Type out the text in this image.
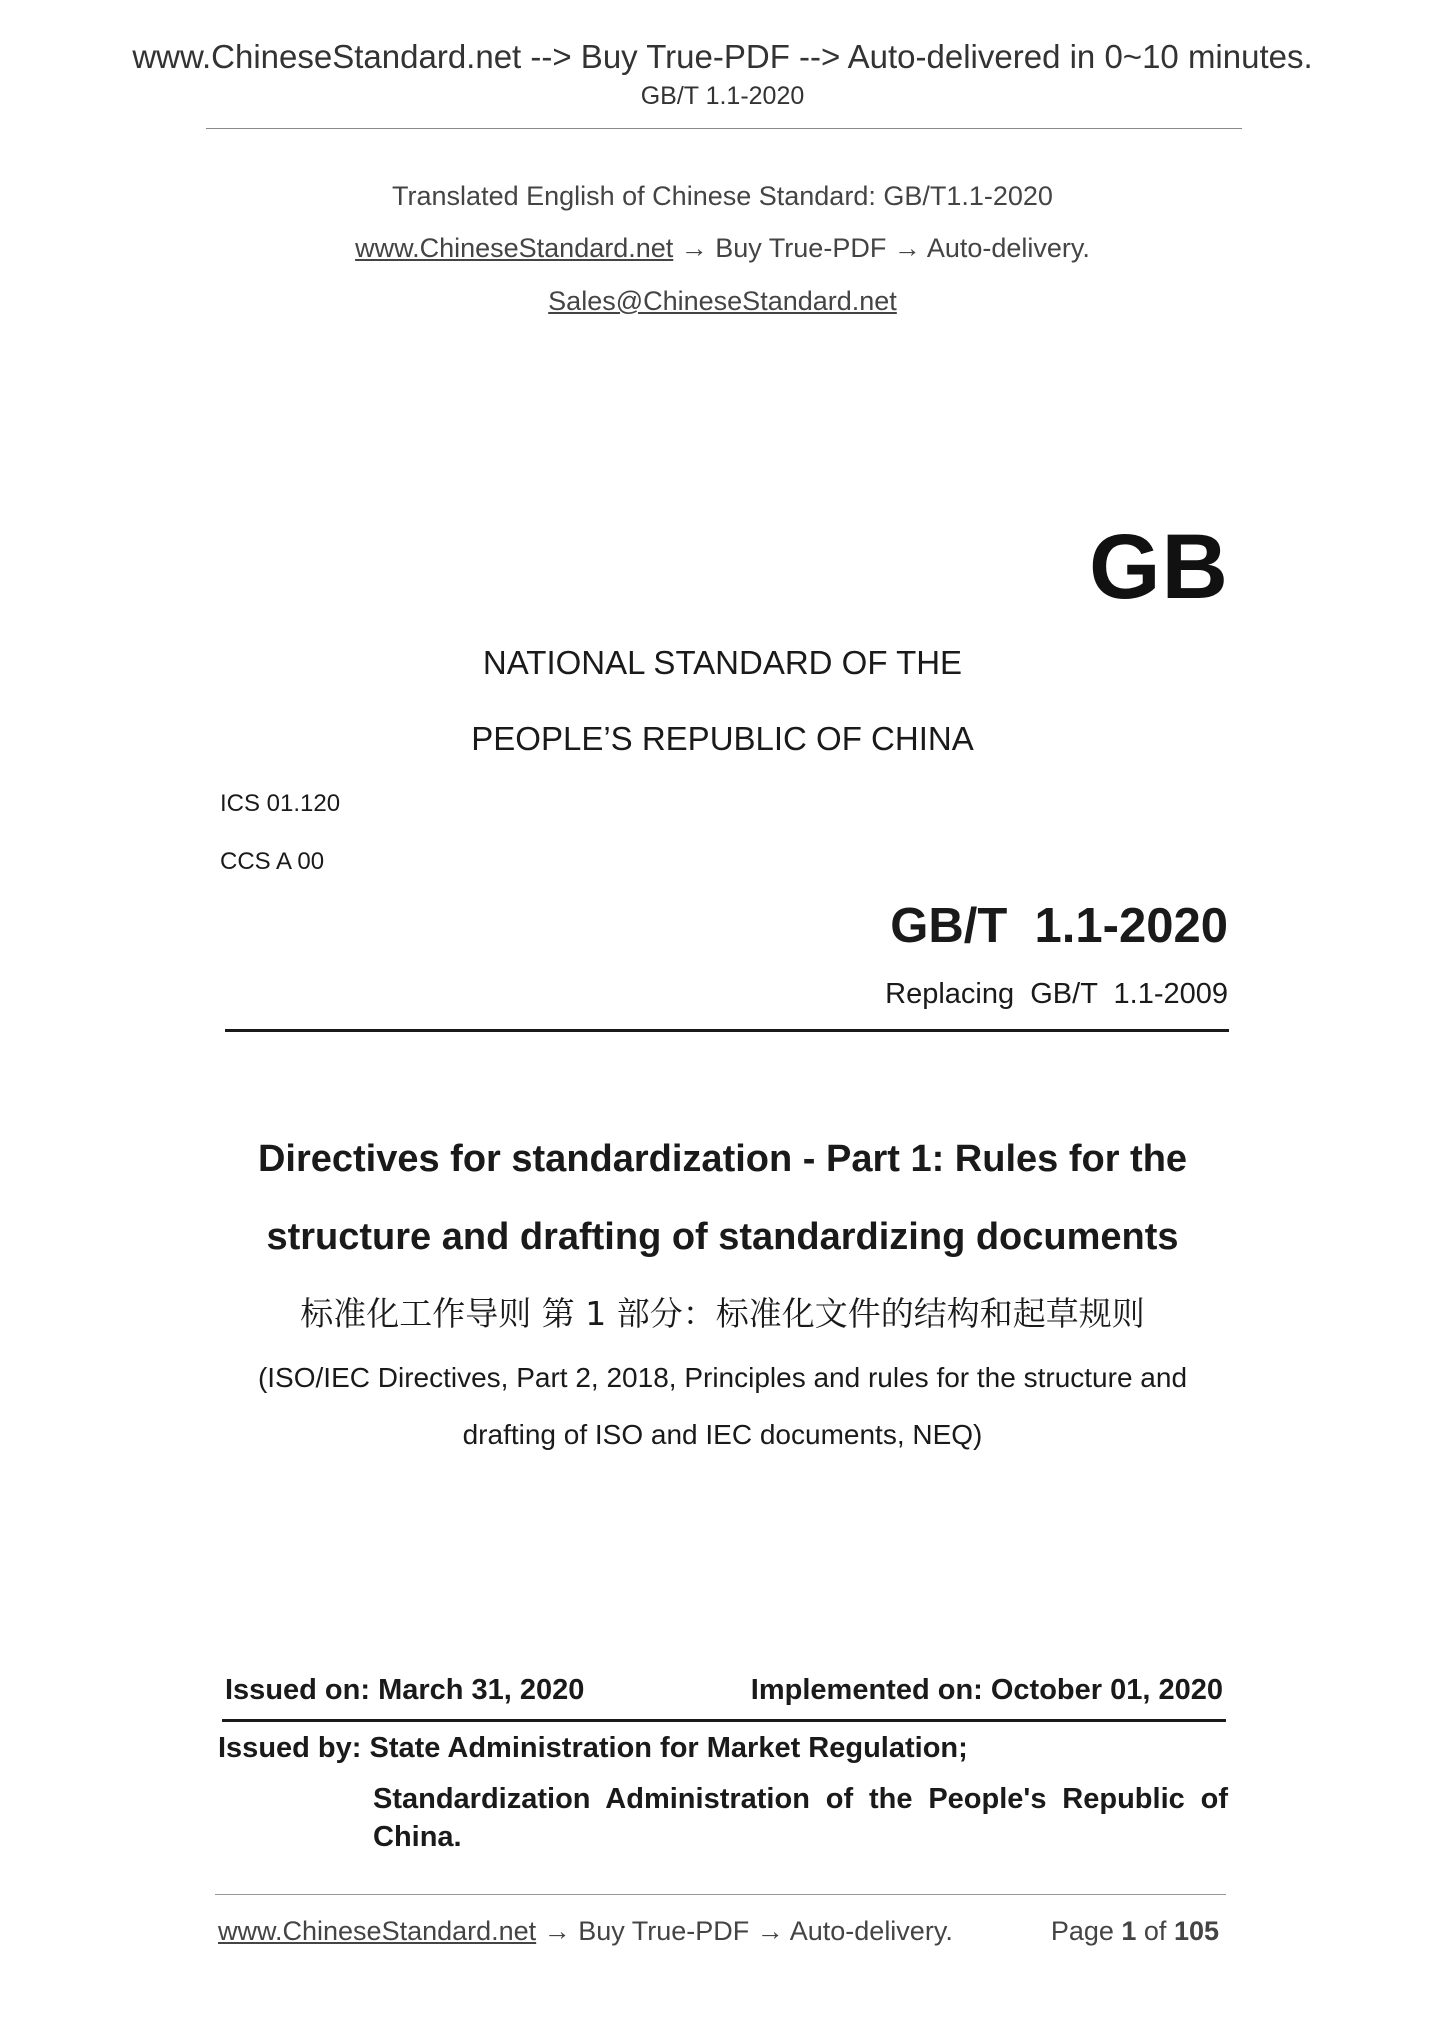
www.ChineseStandard.net --> Buy True-PDF --> Auto-delivered in 0~10 minutes.
GB/T 1.1-2020
Translated English of Chinese Standard: GB/T1.1-2020
www.ChineseStandard.net → Buy True-PDF → Auto-delivery.
Sales@ChineseStandard.net
GB
NATIONAL STANDARD OF THE
PEOPLE’S REPUBLIC OF CHINA
ICS 01.120
CCS A 00
GB/T  1.1-2020
Replacing  GB/T  1.1-2009
Directives for standardization - Part 1: Rules for the
structure and drafting of standardizing documents
标准化工作导则 第 1 部分：标准化文件的结构和起草规则
(ISO/IEC Directives, Part 2, 2018, Principles and rules for the structure and
drafting of ISO and IEC documents, NEQ)
Issued on: March 31, 2020	Implemented on: October 01, 2020
Issued by: State Administration for Market Regulation;
Standardization Administration of the People's Republic of China.
www.ChineseStandard.net → Buy True-PDF → Auto-delivery.	Page 1 of 105
